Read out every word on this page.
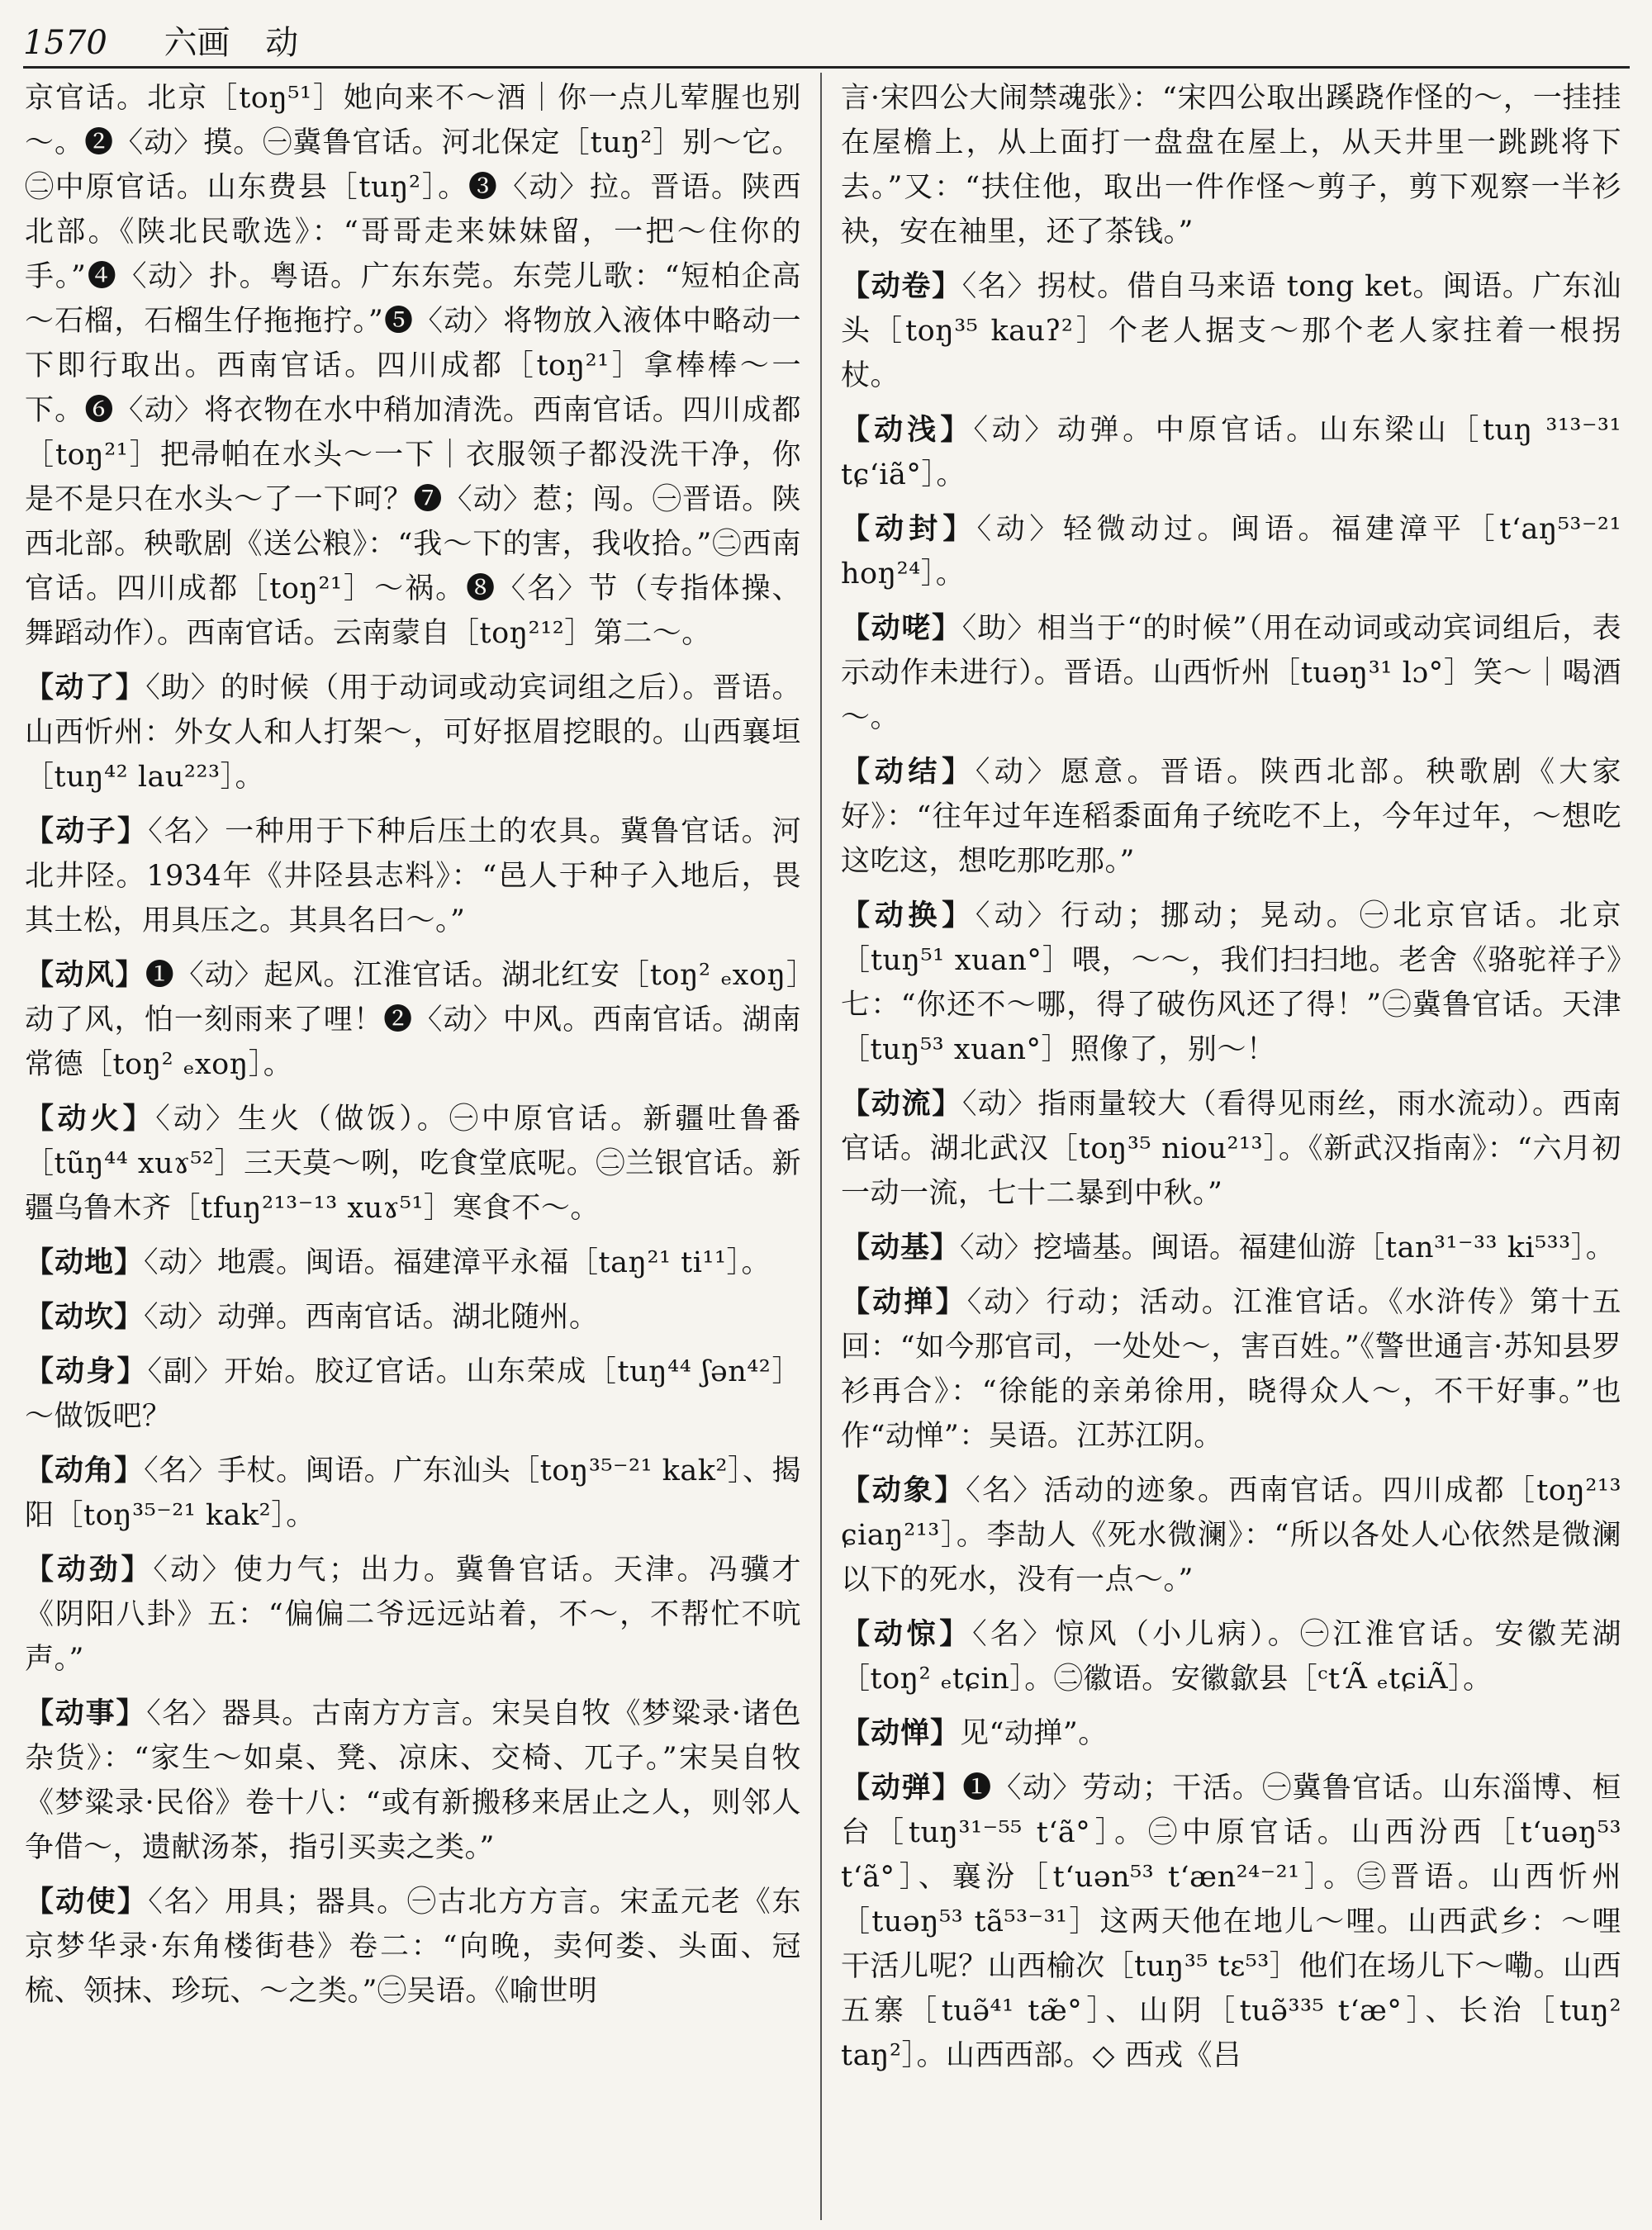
1570 六画 动

京官话。北京［toŋ⁵¹］她向来不～酒｜你一点儿荤腥也别～。❷〈动〉摸。㊀冀鲁官话。河北保定［tuŋ²］别～它。㊁中原官话。山东费县［tuŋ²］。❸〈动〉拉。晋语。陕西北部。《陕北民歌选》：“哥哥走来妹妹留，一把～住你的手。”❹〈动〉扑。粤语。广东东莞。东莞儿歌：“短柏企高～石榴，石榴生仔拖拖拧。”❺〈动〉将物放入液体中略动一下即行取出。西南官话。四川成都［toŋ²¹］拿棒棒～一下。❻〈动〉将衣物在水中稍加清洗。西南官话。四川成都［toŋ²¹］把帚帕在水头～一下｜衣服领子都没洗干净，你是不是只在水头～了一下呵？❼〈动〉惹；闯。㊀晋语。陕西北部。秧歌剧《送公粮》：“我～下的害，我收拾。”㊁西南官话。四川成都［toŋ²¹］～祸。❽〈名〉节（专指体操、舞蹈动作）。西南官话。云南蒙自［toŋ²¹²］第二～。

【动了】〈助〉的时候（用于动词或动宾词组之后）。晋语。山西忻州：外女人和人打架～，可好抠眉挖眼的。山西襄垣［tuŋ⁴² lau²²³］。

【动子】〈名〉一种用于下种后压土的农具。冀鲁官话。河北井陉。1934年《井陉县志料》：“邑人于种子入地后，畏其土松，用具压之。其具名曰～。”

【动风】❶〈动〉起风。江淮官话。湖北红安［toŋ² ₑxoŋ］动了风，怕一刻雨来了哩！❷〈动〉中风。西南官话。湖南常德［toŋ² ₑxoŋ］。

【动火】〈动〉生火（做饭）。㊀中原官话。新疆吐鲁番［tũŋ⁴⁴ xuɤ⁵²］三天莫～咧，吃食堂底呢。㊁兰银官话。新疆乌鲁木齐［tfuŋ²¹³⁻¹³ xuɤ⁵¹］寒食不～。

【动地】〈动〉地震。闽语。福建漳平永福［taŋ²¹ ti¹¹］。

【动坎】〈动〉动弹。西南官话。湖北随州。

【动身】〈副〉开始。胶辽官话。山东荣成［tuŋ⁴⁴ ʃən⁴²］～做饭吧？

【动角】〈名〉手杖。闽语。广东汕头［toŋ³⁵⁻²¹ kak²］、揭阳［toŋ³⁵⁻²¹ kak²］。

【动劲】〈动〉使力气；出力。冀鲁官话。天津。冯骥才《阴阳八卦》五：“偏偏二爷远远站着，不～，不帮忙不吭声。”

【动事】〈名〉器具。古南方方言。宋吴自牧《梦粱录·诸色杂货》：“家生～如桌、凳、凉床、交椅、兀子。”宋吴自牧《梦粱录·民俗》卷十八：“或有新搬移来居止之人，则邻人争借～，遗献汤茶，指引买卖之类。”

【动使】〈名〉用具；器具。㊀古北方方言。宋孟元老《东京梦华录·东角楼街巷》卷二：“向晚，卖何娄、头面、冠梳、领抹、珍玩、～之类。”㊁吴语。《喻世明

言·宋四公大闹禁魂张》：“宋四公取出蹊跷作怪的～，一挂挂在屋檐上，从上面打一盘盘在屋上，从天井里一跳跳将下去。”又：“扶住他，取出一件作怪～剪子，剪下观察一半衫袂，安在袖里，还了茶钱。”

【动卷】〈名〉拐杖。借自马来语 tong ket。闽语。广东汕头［toŋ³⁵ kauʔ²］个老人据支～那个老人家拄着一根拐杖。

【动浅】〈动〉动弹。中原官话。山东梁山［tuŋ ³¹³⁻³¹ tɕʻiã°］。

【动封】〈动〉轻微动过。闽语。福建漳平［tʻaŋ⁵³⁻²¹ hoŋ²⁴］。

【动咾】〈助〉相当于“的时候”（用在动词或动宾词组后，表示动作未进行）。晋语。山西忻州［tuəŋ³¹ lɔ°］笑～｜喝酒～。

【动结】〈动〉愿意。晋语。陕西北部。秧歌剧《大家好》：“往年过年连稻黍面角子统吃不上，今年过年，～想吃这吃这，想吃那吃那。”

【动换】〈动〉行动；挪动；晃动。㊀北京官话。北京［tuŋ⁵¹ xuan°］喂，～～，我们扫扫地。老舍《骆驼祥子》七：“你还不～哪，得了破伤风还了得！”㊁冀鲁官话。天津［tuŋ⁵³ xuan°］照像了，别～！

【动流】〈动〉指雨量较大（看得见雨丝，雨水流动）。西南官话。湖北武汉［toŋ³⁵ niou²¹³］。《新武汉指南》：“六月初一动一流，七十二暴到中秋。”

【动基】〈动〉挖墙基。闽语。福建仙游［tan³¹⁻³³ ki⁵³³］。

【动掸】〈动〉行动；活动。江淮官话。《水浒传》第十五回：“如今那官司，一处处～，害百姓。”《警世通言·苏知县罗衫再合》：“徐能的亲弟徐用，晓得众人～，不干好事。”也作“动惮”：吴语。江苏江阴。

【动象】〈名〉活动的迹象。西南官话。四川成都［toŋ²¹³ ɕiaŋ²¹³］。李劼人《死水微澜》：“所以各处人心依然是微澜以下的死水，没有一点～。”

【动惊】〈名〉惊风（小儿病）。㊀江淮官话。安徽芜湖［toŋ² ₑtɕin］。㊁徽语。安徽歙县［ᶜtʻÃ ₑtɕiÃ］。

【动惮】见“动掸”。

【动弹】❶〈动〉劳动；干活。㊀冀鲁官话。山东淄博、桓台［tuŋ³¹⁻⁵⁵ tʻã°］。㊁中原官话。山西汾西［tʻuəŋ⁵³ tʻã°］、襄汾［tʻuən⁵³ tʻæn²⁴⁻²¹］。㊂晋语。山西忻州［tuəŋ⁵³ tã⁵³⁻³¹］这两天他在地儿～哩。山西武乡：～哩 干活儿呢？山西榆次［tuŋ³⁵ tɛ⁵³］他们在场儿下～嘞。山西五寨［tuə̃⁴¹ tæ̃°］、山阴［tuə̃³³⁵ tʻæ°］、长治［tuŋ² taŋ²］。山西西部。◇ 西戎《吕
